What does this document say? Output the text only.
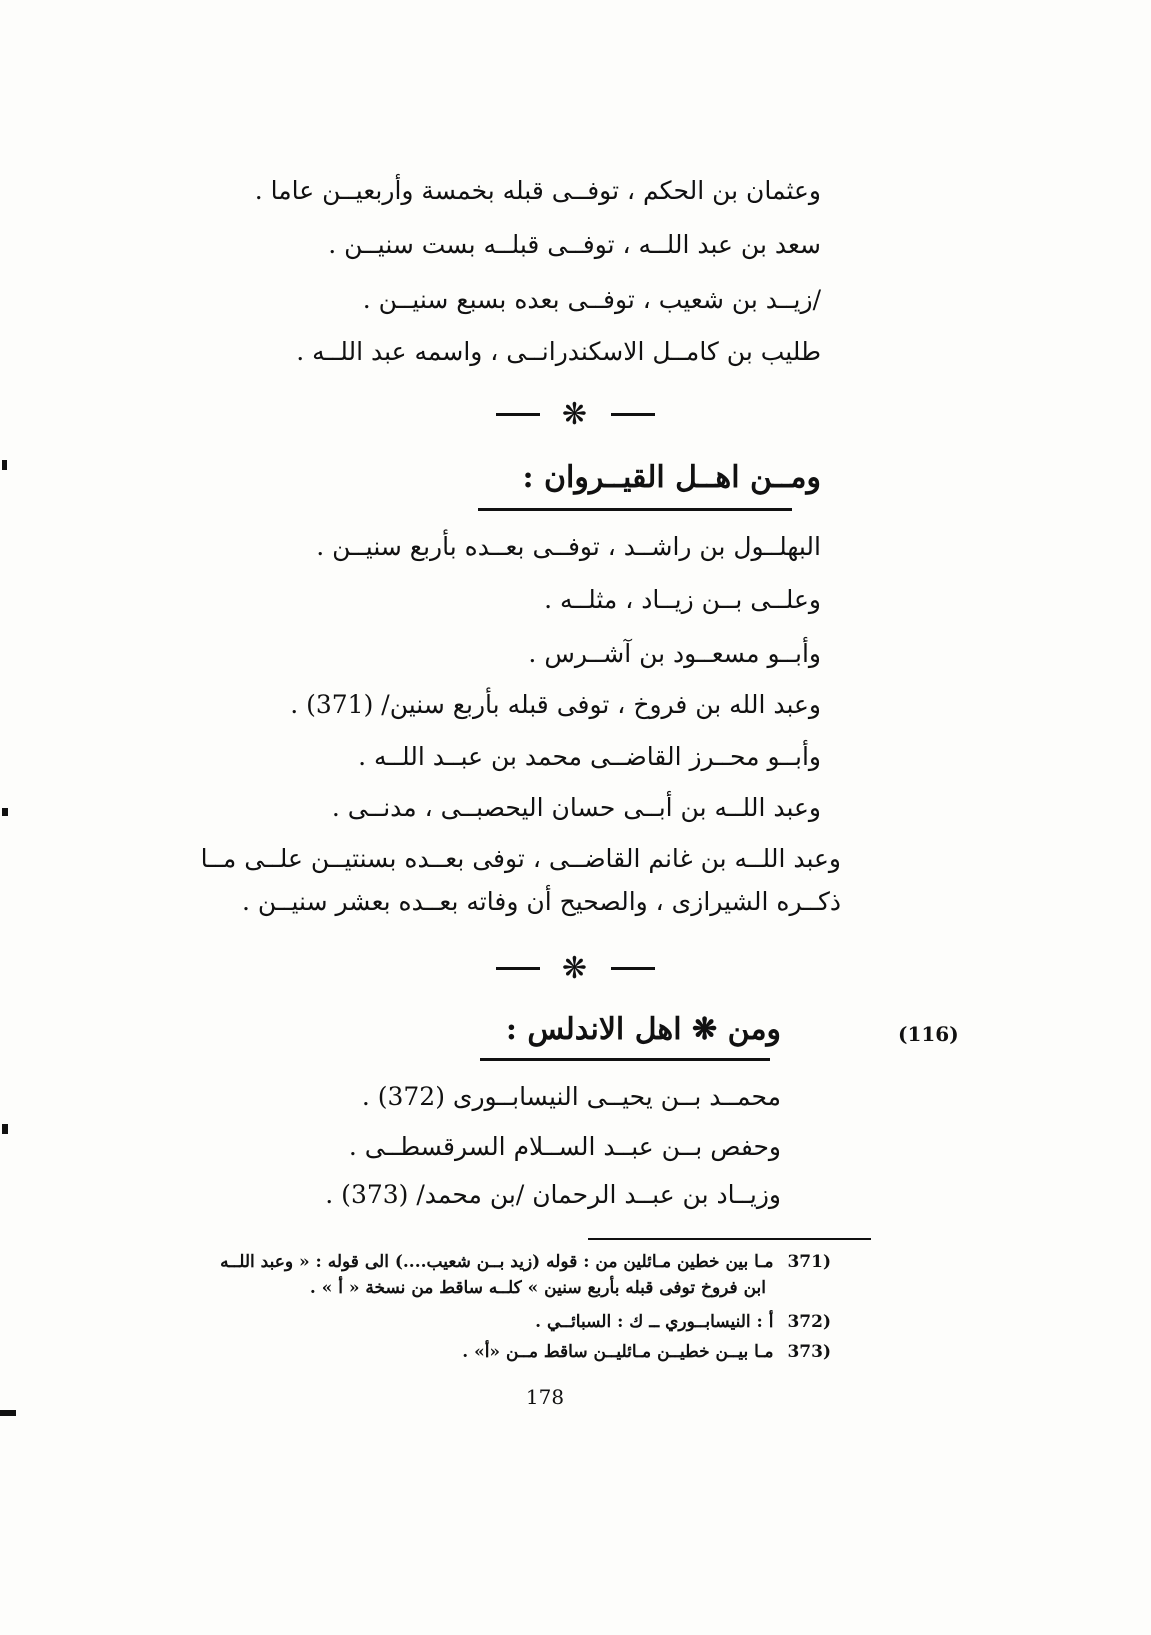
وعثمان بن الحكم ، توفــى قبله بخمسة وأربعيــن عاما .
سعد بن عبد اللــه ، توفــى قبلــه بست سنيــن .
/زيــد بن شعيب ، توفــى بعده بسبع سنيــن .
طليب بن كامــل الاسكندرانــى ، واسمه عبد اللــه .
❋
ومــن اهــل القيــروان :
البهلــول بن راشــد ، توفــى بعــده بأربع سنيــن .
وعلــى بــن زيــاد ، مثلــه .
وأبــو مسعــود بن آشــرس .
وعبد الله بن فروخ ، توفى قبله بأربع سنين/ (371) .
وأبــو محــرز القاضــى محمد بن عبــد اللــه .
وعبد اللــه بن أبــى حسان اليحصبــى ، مدنــى .
وعبد اللــه بن غانم القاضــى ، توفى بعــده بسنتيــن علــى مــا
ذكــره الشيرازى ، والصحيح أن وفاته بعــده بعشر سنيــن .
❋
ومن ❋ اهل الاندلس :	(116)
محمــد بــن يحيــى النيسابــورى (372) .
وحفص بــن عبــد الســلام السرقسطــى .
وزيــاد بن عبــد الرحمان /بن محمد/ (373) .
(371مـا بين خطين مـائلين من : قوله (زيد بــن شعيب....) الى قوله : « وعبد اللــه
ابن فروخ توفى قبله بأربع سنين » كلــه ساقط من نسخة « أ » .
(372أ : النيسابــوري ــ ك : السبائــي .
(373مـا بيــن خطيــن مـائليــن ساقط مــن «أ» .
178
